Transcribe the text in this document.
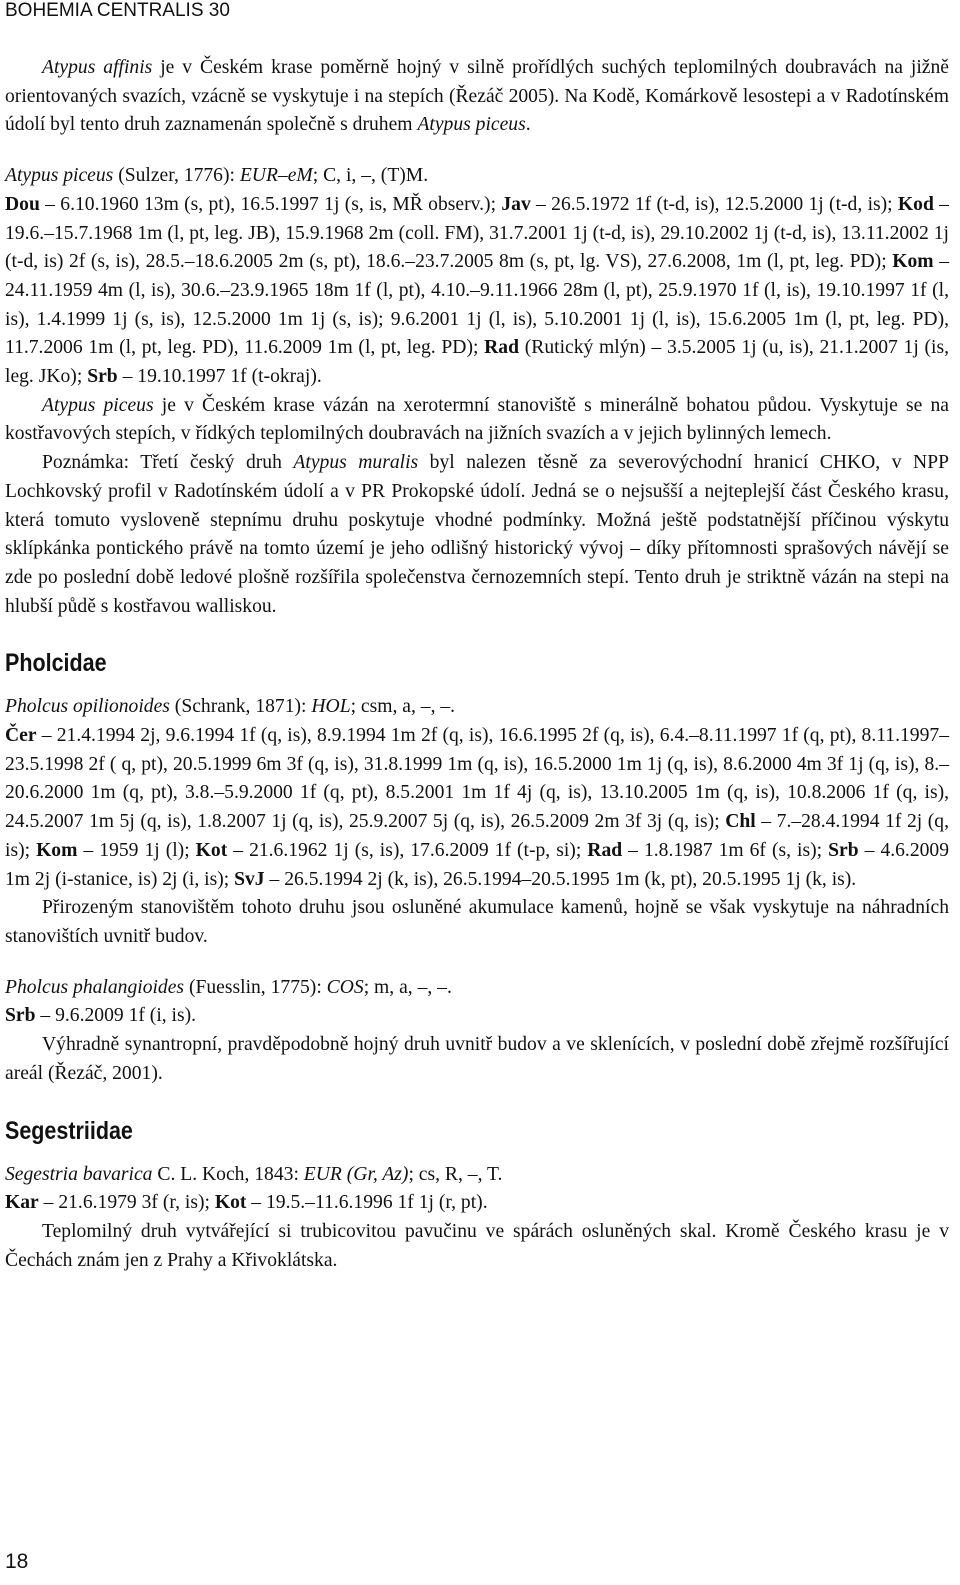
BOHEMIA CENTRALIS 30

Atypus affinis je v Českém krase poměrně hojný v silně prořídlých suchých teplomilných doubravách na jižně orientovaných svazích, vzácně se vyskytuje i na stepích (Řezáč 2005). Na Kodě, Komárkově lesostepi a v Radotínském údolí byl tento druh zaznamenán společně s druhem Atypus piceus.

Atypus piceus (Sulzer, 1776): EUR–eM; C, i, –, (T)M.

Dou – 6.10.1960 13m (s, pt), 16.5.1997 1j (s, is, MŘ observ.); Jav – 26.5.1972 1f (t-d, is), 12.5.2000 1j (t-d, is); Kod – 19.6.–15.7.1968 1m (l, pt, leg. JB), 15.9.1968 2m (coll. FM), 31.7.2001 1j (t-d, is), 29.10.2002 1j (t-d, is), 13.11.2002 1j (t-d, is) 2f (s, is), 28.5.–18.6.2005 2m (s, pt), 18.6.–23.7.2005 8m (s, pt, lg. VS), 27.6.2008, 1m (l, pt, leg. PD); Kom – 24.11.1959 4m (l, is), 30.6.–23.9.1965 18m 1f (l, pt), 4.10.–9.11.1966 28m (l, pt), 25.9.1970 1f (l, is), 19.10.1997 1f (l, is), 1.4.1999 1j (s, is), 12.5.2000 1m 1j (s, is); 9.6.2001 1j (l, is), 5.10.2001 1j (l, is), 15.6.2005 1m (l, pt, leg. PD), 11.7.2006 1m (l, pt, leg. PD), 11.6.2009 1m (l, pt, leg. PD); Rad (Rutický mlýn) – 3.5.2005 1j (u, is), 21.1.2007 1j (is, leg. JKo); Srb – 19.10.1997 1f (t-okraj).

Atypus piceus je v Českém krase vázán na xerotermní stanoviště s minerálně bohatou půdou. Vyskytuje se na kostřavových stepích, v řídkých teplomilných doubravách na jižních svazích a v jejich bylinných lemech.

Poznámka: Třetí český druh Atypus muralis byl nalezen těsně za severovýchodní hranicí CHKO, v NPP Lochkovský profil v Radotínském údolí a v PR Prokopské údolí. Jedná se o nejsušší a nejteplejší část Českého krasu, která tomuto vysloveně stepnímu druhu poskytuje vhodné podmínky. Možná ještě podstatnější příčinou výskytu sklípkánka pontického právě na tomto území je jeho odlišný historický vývoj – díky přítomnosti sprašových návějí se zde po poslední době ledové plošně rozšířila společenstva černozemních stepí. Tento druh je striktně vázán na stepi na hlubší půdě s kostřavou walliskou.

Pholcidae

Pholcus opilionoides (Schrank, 1871): HOL; csm, a, –, –.

Čer – 21.4.1994 2j, 9.6.1994 1f (q, is), 8.9.1994 1m 2f (q, is), 16.6.1995 2f (q, is), 6.4.–8.11.1997 1f (q, pt), 8.11.1997–23.5.1998 2f ( q, pt), 20.5.1999 6m 3f (q, is), 31.8.1999 1m (q, is), 16.5.2000 1m 1j (q, is), 8.6.2000 4m 3f 1j (q, is), 8.–20.6.2000 1m (q, pt), 3.8.–5.9.2000 1f (q, pt), 8.5.2001 1m 1f 4j (q, is), 13.10.2005 1m (q, is), 10.8.2006 1f (q, is), 24.5.2007 1m 5j (q, is), 1.8.2007 1j (q, is), 25.9.2007 5j (q, is), 26.5.2009 2m 3f 3j (q, is); Chl – 7.–28.4.1994 1f 2j (q, is); Kom – 1959 1j (l); Kot – 21.6.1962 1j (s, is), 17.6.2009 1f (t-p, si); Rad – 1.8.1987 1m 6f (s, is); Srb – 4.6.2009 1m 2j (i-stanice, is) 2j (i, is); SvJ – 26.5.1994 2j (k, is), 26.5.1994–20.5.1995 1m (k, pt), 20.5.1995 1j (k, is).

Přirozeným stanovištěm tohoto druhu jsou osluněné akumulace kamenů, hojně se však vyskytuje na náhradních stanovištích uvnitř budov.

Pholcus phalangioides (Fuesslin, 1775): COS; m, a, –, –.

Srb – 9.6.2009 1f (i, is).

Výhradně synantropní, pravděpodobně hojný druh uvnitř budov a ve sklenících, v poslední době zřejmě rozšířující areál (Řezáč, 2001).

Segestriidae

Segestria bavarica C. L. Koch, 1843: EUR (Gr, Az); cs, R, –, T.

Kar – 21.6.1979 3f (r, is); Kot – 19.5.–11.6.1996 1f 1j (r, pt).

Teplomilný druh vytvářející si trubicovitou pavučinu ve spárách osluněných skal. Kromě Českého krasu je v Čechách znám jen z Prahy a Křivoklátska.

18
